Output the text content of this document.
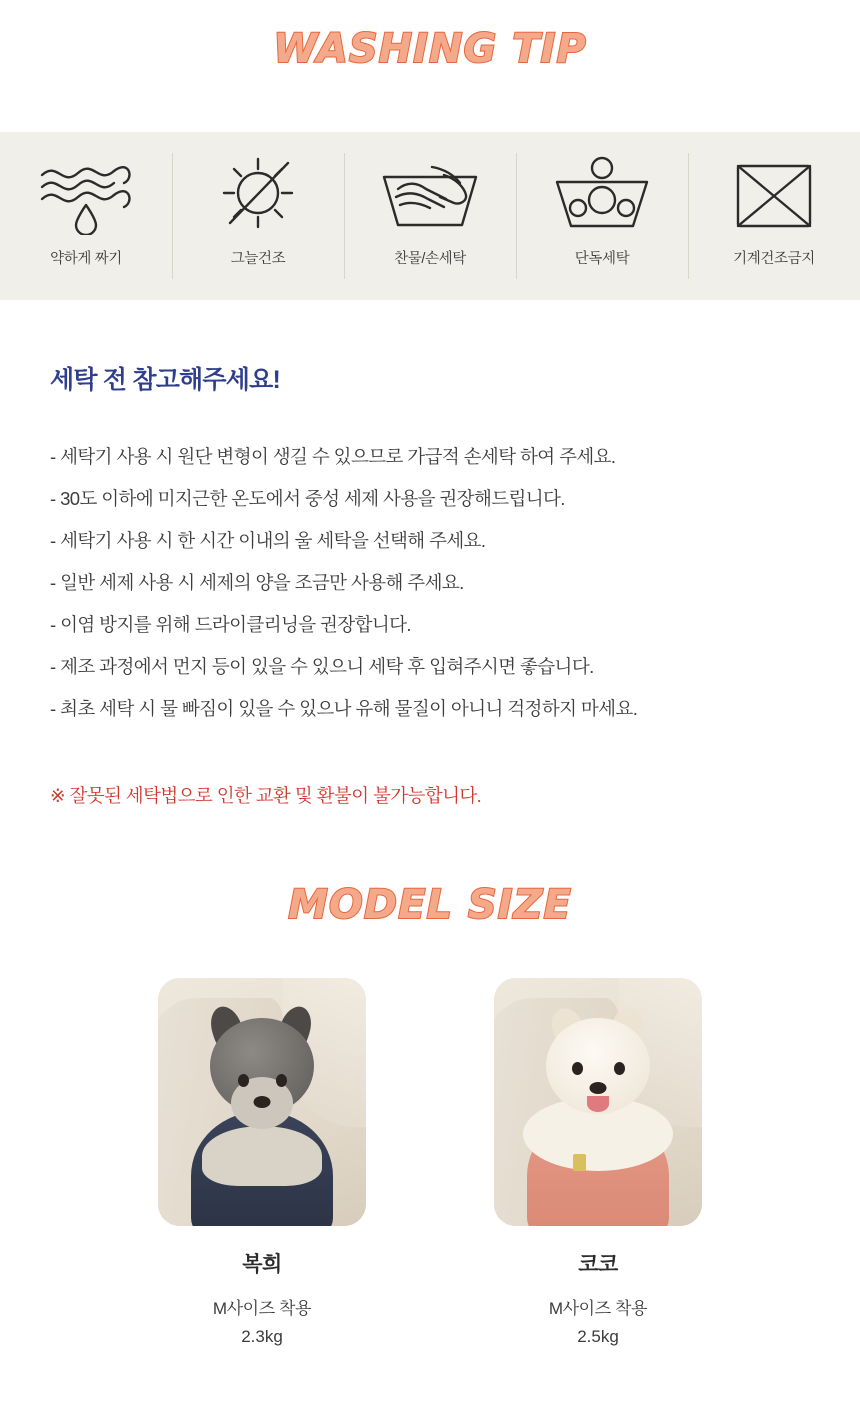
WASHING TIP
약하게 짜기	그늘건조	찬물/손세탁	단독세탁	기계건조금지
세탁 전 참고해주세요!
- 세탁기 사용 시 원단 변형이 생길 수 있으므로 가급적 손세탁 하여 주세요.
- 30도 이하에 미지근한 온도에서 중성 세제 사용을 권장해드립니다.
- 세탁기 사용 시 한 시간 이내의 울 세탁을 선택해 주세요.
- 일반 세제 사용 시 세제의 양을 조금만 사용해 주세요.
- 이염 방지를 위해 드라이클리닝을 권장합니다.
- 제조 과정에서 먼지 등이 있을 수 있으니 세탁 후 입혀주시면 좋습니다.
- 최초 세탁 시 물 빠짐이 있을 수 있으나 유해 물질이 아니니 걱정하지 마세요.
※ 잘못된 세탁법으로 인한 교환 및 환불이 불가능합니다.
MODEL SIZE
복희
M사이즈 착용
2.3kg
코코
M사이즈 착용
2.5kg
